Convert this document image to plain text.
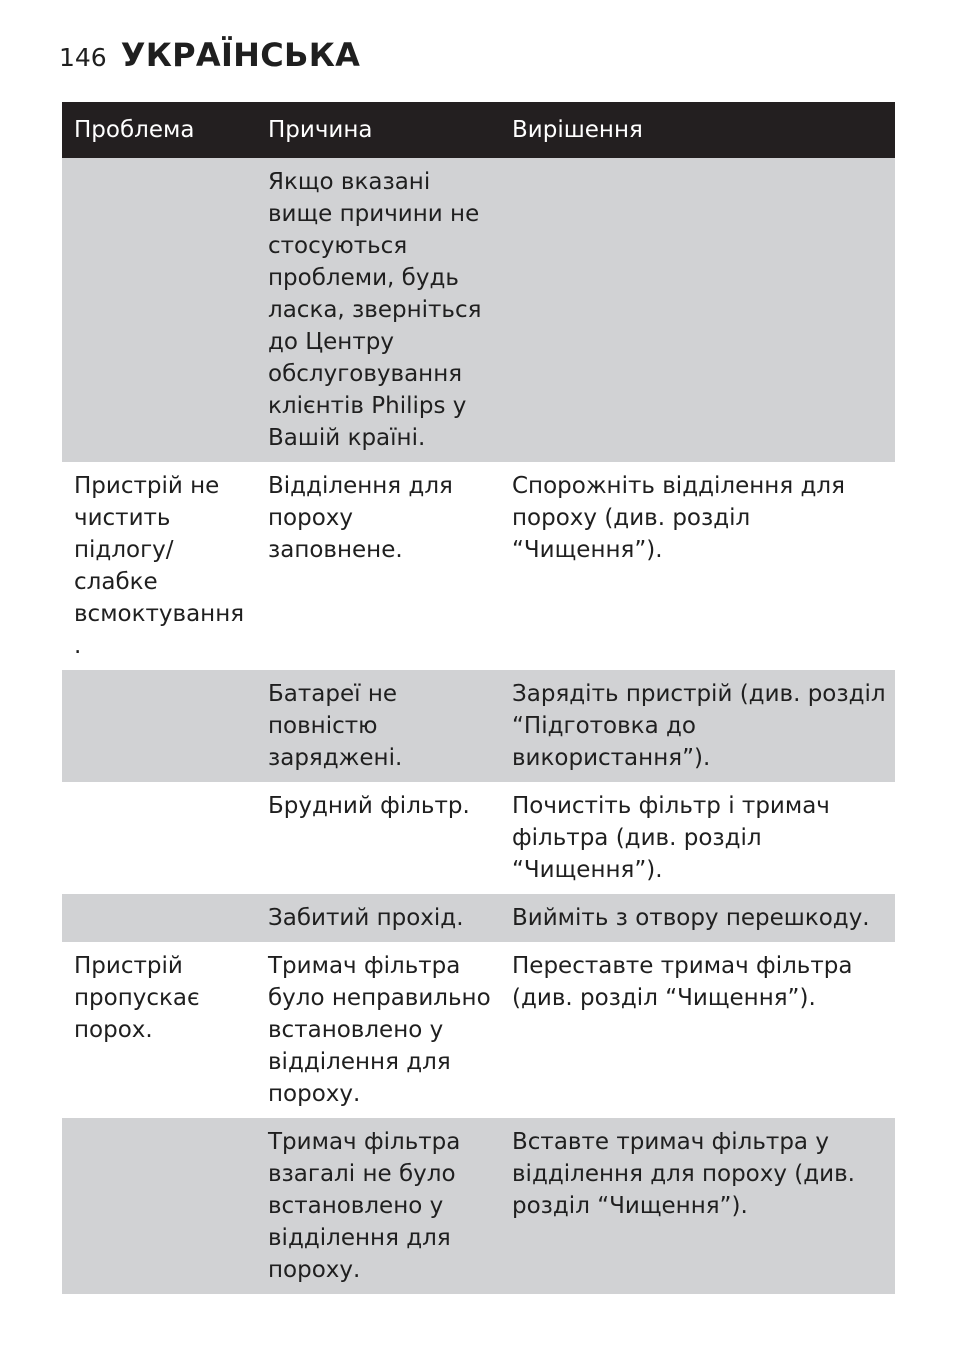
146 УКРАЇНСЬКА
Проблема	Причина	Вирішення
	Якщо вказані вище причини не стосуються проблеми, будь ласка, зверніться до Центру обслуговування клієнтів Philips у Вашій країні.	
Пристрій не чистить підлогу/ слабке всмоктування.	Відділення для пороху заповнене.	Спорожніть відділення для пороху (див. розділ “Чищення”).
	Батареї не повністю заряджені.	Зарядіть пристрій (див. розділ “Підготовка до використання”).
	Брудний фільтр.	Почистіть фільтр і тримач фільтра (див. розділ “Чищення”).
	Забитий прохід.	Вийміть з отвору перешкоду.
Пристрій пропускає порох.	Тримач фільтра було неправильно встановлено у відділення для пороху.	Переставте тримач фільтра (див. розділ “Чищення”).
	Тримач фільтра взагалі не було встановлено у відділення для пороху.	Вставте тримач фільтра у відділення для пороху (див. розділ “Чищення”).
